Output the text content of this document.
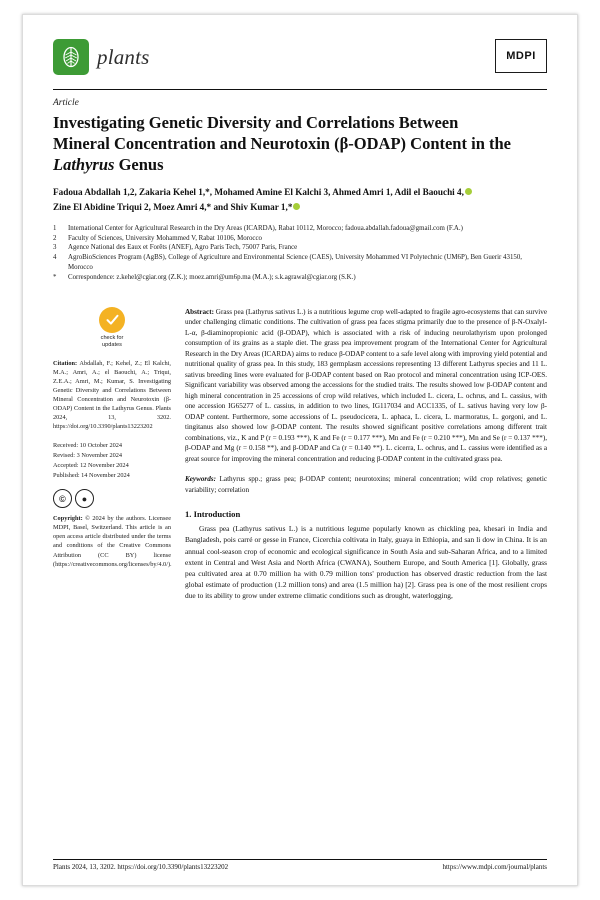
plants	MDPI
Article
Investigating Genetic Diversity and Correlations Between
Mineral Concentration and Neurotoxin (β-ODAP) Content in the
Lathyrus Genus
Fadoua Abdallah 1,2, Zakaria Kehel 1,*, Mohamed Amine El Kalchi 3, Ahmed Amri 1, Adil el Baouchi 4,
Zine El Abidine Triqui 2, Moez Amri 4,* and Shiv Kumar 1,*
1	International Center for Agricultural Research in the Dry Areas (ICARDA), Rabat 10112, Morocco; fadoua.abdallah.fadoua@gmail.com (F.A.)
2	Faculty of Sciences, University Mohammed V, Rabat 10106, Morocco
3	Agence National des Eaux et Forêts (ANEF), Agro Paris Tech, 75007 Paris, France
4	AgroBioSciences Program (AgBS), College of Agriculture and Environmental Science (CAES), University Mohammed VI Polytechnic (UM6P), Ben Guerir 43150, Morocco
*	Correspondence: z.kehel@cgiar.org (Z.K.); moez.amri@um6p.ma (M.A.); s.k.agrawal@cgiar.org (S.K.)
check for
updates
Citation: Abdallah, F.; Kehel, Z.; El Kalchi, M.A.; Amri, A.; el Baouchi, A.; Triqui, Z.E.A.; Amri, M.; Kumar, S. Investigating Genetic Diversity and Correlations Between Mineral Concentration and Neurotoxin (β-ODAP) Content in the Lathyrus Genus. Plants 2024, 13, 3202. https://doi.org/10.3390/plants13223202

Received: 10 October 2024

Revised: 3 November 2024

Accepted: 12 November 2024

Published: 14 November 2024

©	●
Copyright: © 2024 by the authors. Licensee MDPI, Basel, Switzerland. This article is an open access article distributed under the terms and conditions of the Creative Commons Attribution (CC BY) license (https://creativecommons.org/licenses/by/4.0/).
Abstract: Grass pea (Lathyrus sativus L.) is a nutritious legume crop well-adapted to fragile agro-ecosystems that can survive under challenging climatic conditions. The cultivation of grass pea faces stigma primarily due to the presence of β-N-Oxalyl-L-α, β-diaminopropionic acid (β-ODAP), which is associated with a risk of inducing neurolathyrism upon prolonged consumption of its grains as a staple diet. The grass pea improvement program of the International Center for Agricultural Research in the Dry Areas (ICARDA) aims to reduce β-ODAP content to a safe level along with improving yield potential and nutritional quality of grass pea. In this study, 183 germplasm accessions representing 13 different Lathyrus species and 11 L. sativus breeding lines were evaluated for β-ODAP content based on Rao protocol and mineral concentration using ICP-OES. Significant variability was observed among the accessions for the studied traits. The results showed low β-ODAP content and high mineral concentration in 25 accessions of crop wild relatives, which included L. cicera, L. ochrus, and L. cassius, with one accession IG65277 of L. cassius, in addition to two lines, IG117034 and ACC1335, of L. sativus having very low β-ODAP content. Furthermore, some accessions of L. pseudocicera, L. aphaca, L. cicera, L. marmoratus, L. gorgoni, and L. tingitanus also showed low β-ODAP content. The results showed significant positive correlations among different trait combinations, viz., K and P (r = 0.193 ***), K and Fe (r = 0.177 ***), Mn and Fe (r = 0.210 ***), Mn and Se (r = 0.137 ***), β-ODAP and Mg (r = 0.158 **), and β-ODAP and Ca (r = 0.140 **). L. cicerra, L. ochrus, and L. cassius were identified as a great source for improving the mineral concentration and reducing β-ODAP content in the cultivated grass pea.
Keywords: Lathyrus spp.; grass pea; β-ODAP content; neurotoxins; mineral concentration; wild crop relatives; genetic variability; correlation
1. Introduction

Grass pea (Lathyrus sativus L.) is a nutritious legume popularly known as chickling pea, khesari in India and Bangladesh, pois carré or gesse in France, Cicerchia coltivata in Italy, guaya in Ethiopia, and san li dow in China. It is an annual cool-season crop of economic and ecological significance in South Asia and sub-Saharan Africa, and to a limited extent in Central and West Asia and North Africa (CWANA), Southern Europe, and South America [1]. Globally, grass pea cultivated area at 0.70 million ha with 0.79 million tons' production has observed drastic reduction from the last global estimate of production (1.2 million tons) and area (1.5 million ha) [2]. Grass pea is one of the most resilient crops due to its ability to grow under extreme climatic conditions such as drought, waterlogging,

Plants 2024, 13, 3202. https://doi.org/10.3390/plants13223202	https://www.mdpi.com/journal/plants
